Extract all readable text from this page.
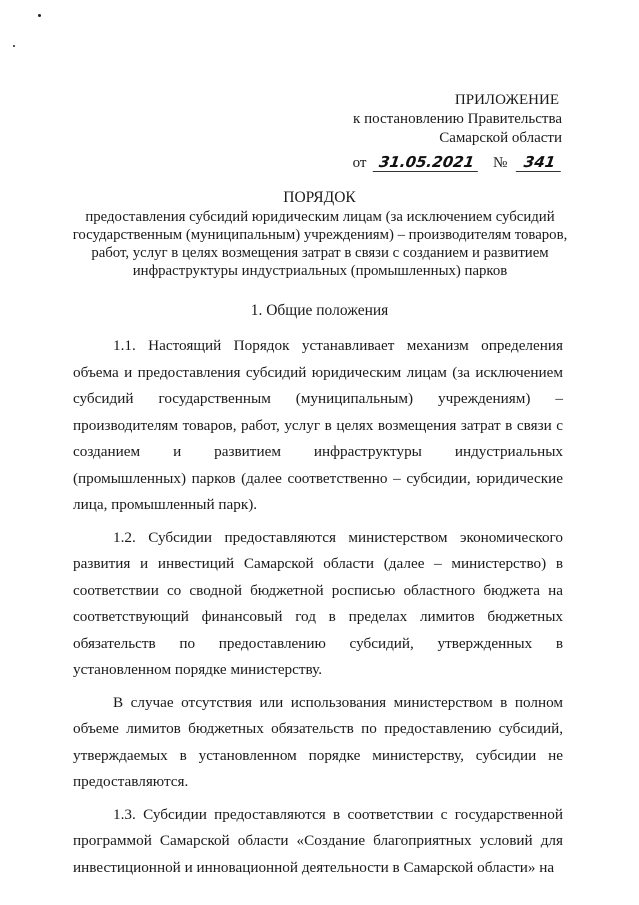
ПРИЛОЖЕНИЕ
к постановлению Правительства
Самарской области
от 31.05.2021 № 341
ПОРЯДОК
предоставления субсидий юридическим лицам (за исключением субсидий государственным (муниципальным) учреждениям) – производителям товаров, работ, услуг в целях возмещения затрат в связи с созданием и развитием инфраструктуры индустриальных (промышленных) парков
1. Общие положения

1.1. Настоящий Порядок устанавливает механизм определения объема и предоставления субсидий юридическим лицам (за исключением субсидий государственным (муниципальным) учреждениям) – производителям товаров, работ, услуг в целях возмещения затрат в связи с созданием и развитием инфраструктуры индустриальных (промышленных) парков (далее соответственно – субсидии, юридические лица, промышленный парк).

1.2. Субсидии предоставляются министерством экономического развития и инвестиций Самарской области (далее – министерство) в соответствии со сводной бюджетной росписью областного бюджета на соответствующий финансовый год в пределах лимитов бюджетных обязательств по предоставлению субсидий, утвержденных в установленном порядке министерству.

В случае отсутствия или использования министерством в полном объеме лимитов бюджетных обязательств по предоставлению субсидий, утверждаемых в установленном порядке министерству, субсидии не предоставляются.

1.3. Субсидии предоставляются в соответствии с государственной программой Самарской области «Создание благоприятных условий для инвестиционной и инновационной деятельности в Самарской области» на
